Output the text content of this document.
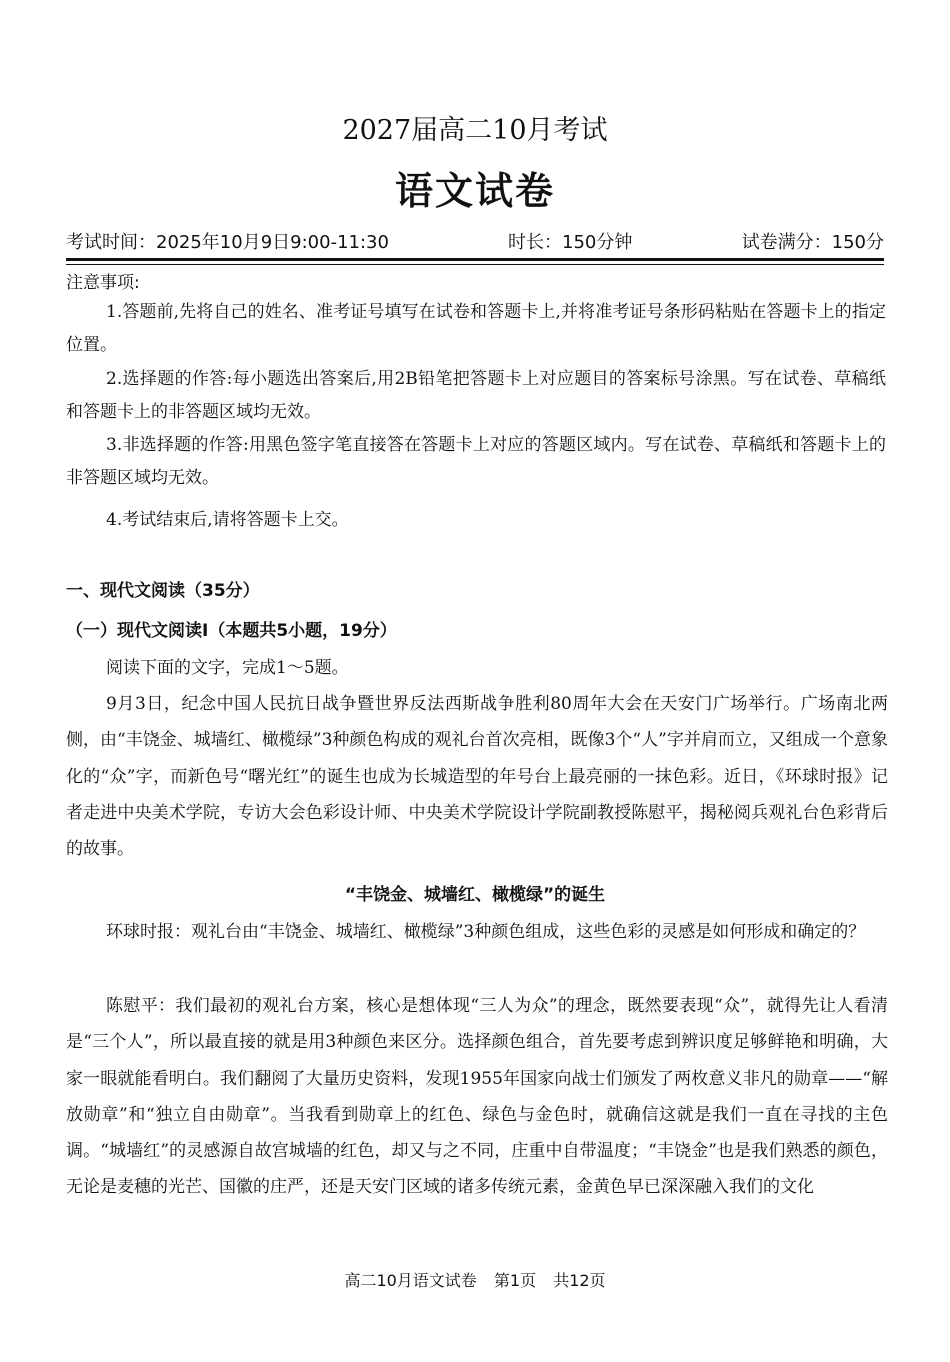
2027届高二10月考试
语文试卷
考试时间：2025年10月9日9:00-11:30	时长：150分钟	试卷满分：150分
注意事项:
1.答题前,先将自己的姓名、准考证号填写在试卷和答题卡上,并将准考证号条形码粘贴在答题卡上的指定位置。
2.选择题的作答:每小题选出答案后,用2B铅笔把答题卡上对应题目的答案标号涂黑。写在试卷、草稿纸和答题卡上的非答题区域均无效。
3.非选择题的作答:用黑色签字笔直接答在答题卡上对应的答题区域内。写在试卷、草稿纸和答题卡上的非答题区域均无效。
4.考试结束后,请将答题卡上交。
一、现代文阅读（35分）
（一）现代文阅读Ⅰ（本题共5小题，19分）
阅读下面的文字，完成1～5题。
9月3日，纪念中国人民抗日战争暨世界反法西斯战争胜利80周年大会在天安门广场举行。广场南北两侧，由“丰饶金、城墙红、橄榄绿”3种颜色构成的观礼台首次亮相，既像3个“人”字并肩而立，又组成一个意象化的“众”字，而新色号“曙光红”的诞生也成为长城造型的年号台上最亮丽的一抹色彩。近日，《环球时报》记者走进中央美术学院，专访大会色彩设计师、中央美术学院设计学院副教授陈慰平，揭秘阅兵观礼台色彩背后的故事。
“丰饶金、城墙红、橄榄绿”的诞生
环球时报：观礼台由“丰饶金、城墙红、橄榄绿”3种颜色组成，这些色彩的灵感是如何形成和确定的？
陈慰平：我们最初的观礼台方案，核心是想体现“三人为众”的理念，既然要表现“众”，就得先让人看清是“三个人”，所以最直接的就是用3种颜色来区分。选择颜色组合，首先要考虑到辨识度足够鲜艳和明确，大家一眼就能看明白。我们翻阅了大量历史资料，发现1955年国家向战士们颁发了两枚意义非凡的勋章——“解放勋章”和“独立自由勋章”。当我看到勋章上的红色、绿色与金色时，就确信这就是我们一直在寻找的主色调。“城墙红”的灵感源自故宫城墙的红色，却又与之不同，庄重中自带温度；“丰饶金”也是我们熟悉的颜色，无论是麦穗的光芒、国徽的庄严，还是天安门区域的诸多传统元素，金黄色早已深深融入我们的文化
高二10月语文试卷 第1页 共12页
